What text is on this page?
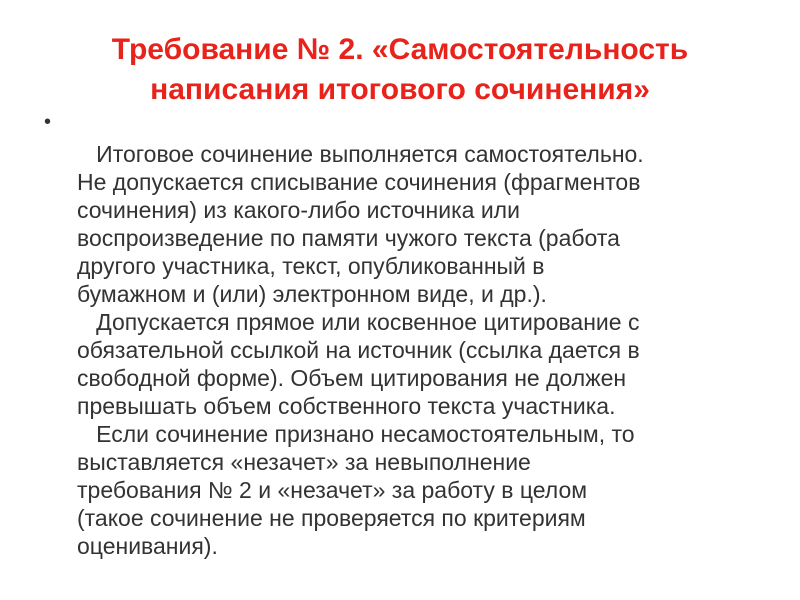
Требование № 2. «Самостоятельность
написания итогового сочинения»
•
Итоговое сочинение выполняется самостоятельно.
Не допускается списывание сочинения (фрагментов
сочинения) из какого-либо источника или
воспроизведение по памяти чужого текста (работа
другого участника, текст, опубликованный в
бумажном и (или) электронном виде, и др.).
Допускается прямое или косвенное цитирование с
обязательной ссылкой на источник (ссылка дается в
свободной форме). Объем цитирования не должен
превышать объем собственного текста участника.
Если сочинение признано несамостоятельным, то
выставляется «незачет» за невыполнение
требования № 2 и «незачет» за работу в целом
(такое сочинение не проверяется по критериям
оценивания).
